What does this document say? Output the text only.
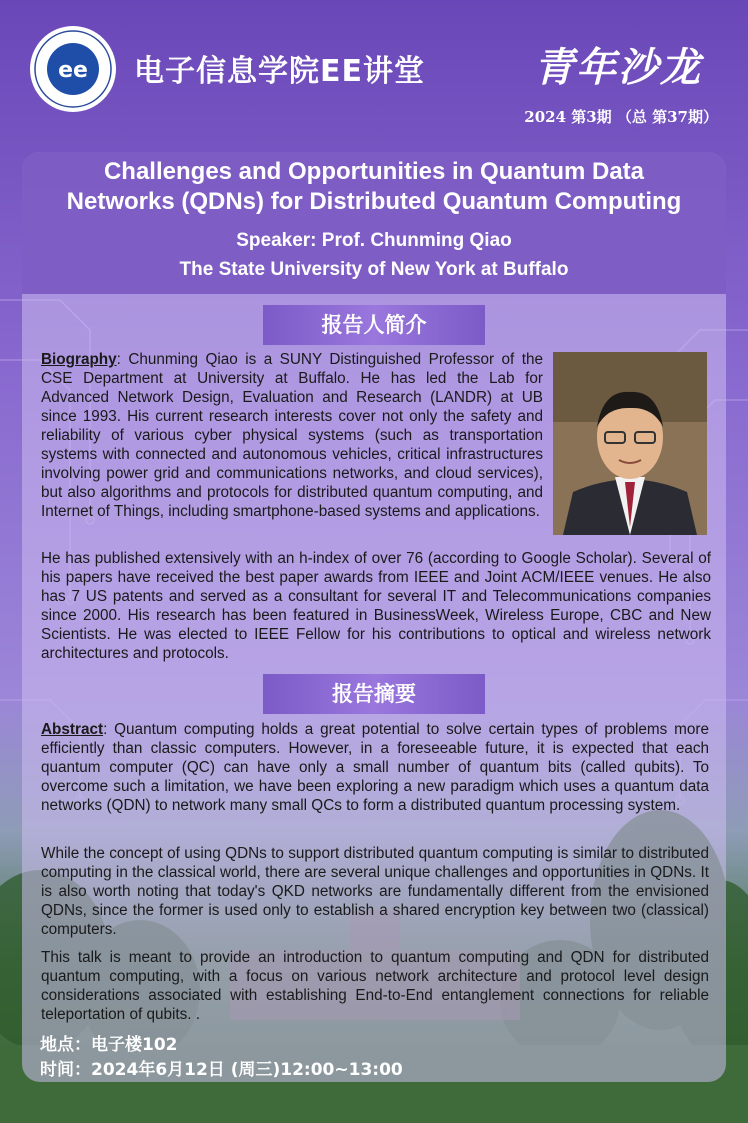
ee 电子信息学院EE讲堂	青年沙龙
2024 第3期 （总 第37期）
Challenges and Opportunities in Quantum Data
Networks (QDNs) for Distributed Quantum Computing
Speaker: Prof. Chunming Qiao
The State University of New York at Buffalo
报告人简介

Biography: Chunming Qiao is a SUNY Distinguished Professor of the CSE Department at University at Buffalo. He has led the Lab for Advanced Network Design, Evaluation and Research (LANDR) at UB since 1993. His current research interests cover not only the safety and reliability of various cyber physical systems (such as transportation systems with connected and autonomous vehicles, critical infrastructures involving power grid and communications networks, and cloud services), but also algorithms and protocols for distributed quantum computing, and Internet of Things, including smartphone-based systems and applications.

He has published extensively with an h-index of over 76 (according to Google Scholar). Several of his papers have received the best paper awards from IEEE and Joint ACM/IEEE venues. He also has 7 US patents and served as a consultant for several IT and Telecommunications companies since 2000. His research has been featured in BusinessWeek, Wireless Europe, CBC and New Scientists. He was elected to IEEE Fellow for his contributions to optical and wireless network architectures and protocols.

报告摘要

Abstract: Quantum computing holds a great potential to solve certain types of problems more efficiently than classic computers. However, in a foreseeable future, it is expected that each quantum computer (QC) can have only a small number of quantum bits (called qubits). To overcome such a limitation, we have been exploring a new paradigm which uses a quantum data networks (QDN) to network many small QCs to form a distributed quantum processing system.

While the concept of using QDNs to support distributed quantum computing is similar to distributed computing in the classical world, there are several unique challenges and opportunities in QDNs. It is also worth noting that today's QKD networks are fundamentally different from the envisioned QDNs, since the former is used only to establish a shared encryption key between two (classical) computers.

This talk is meant to provide an introduction to quantum computing and QDN for distributed quantum computing, with a focus on various network architecture and protocol level design considerations associated with establishing End-to-End entanglement connections for reliable teleportation of qubits. .

地点：电子楼102
时间：2024年6月12日 (周三)12:00~13:00
